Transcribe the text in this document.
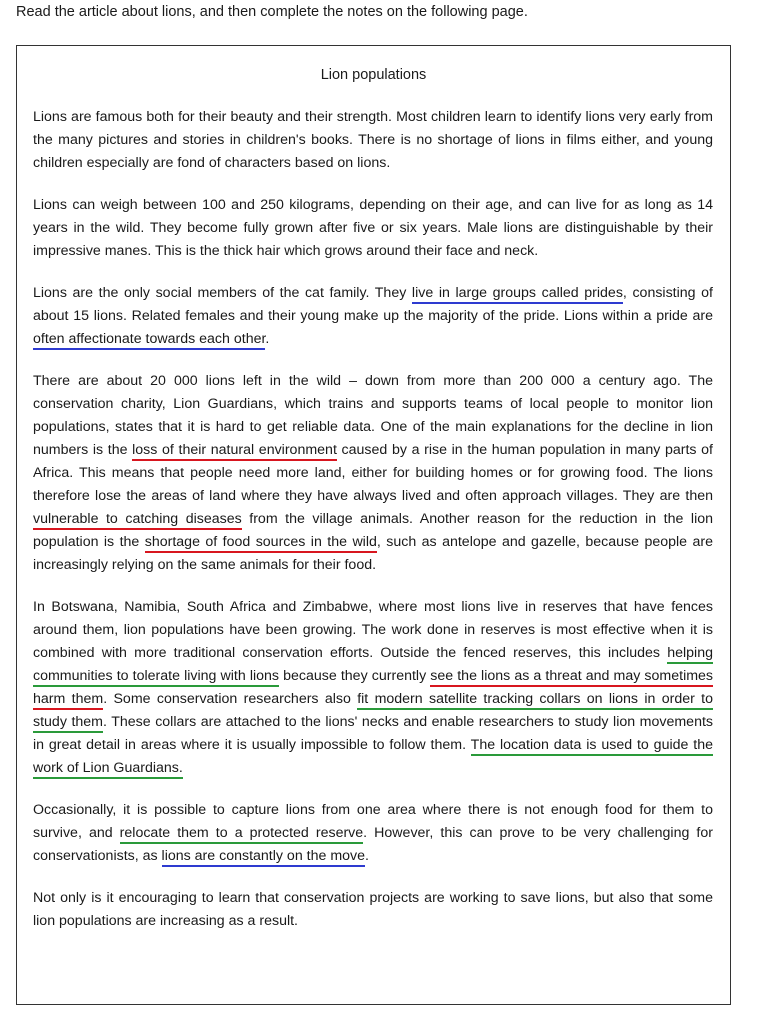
Read the article about lions, and then complete the notes on the following page.
Lion populations

Lions are famous both for their beauty and their strength. Most children learn to identify lions very early from the many pictures and stories in children's books. There is no shortage of lions in films either, and young children especially are fond of characters based on lions.

Lions can weigh between 100 and 250 kilograms, depending on their age, and can live for as long as 14 years in the wild. They become fully grown after five or six years. Male lions are distinguishable by their impressive manes. This is the thick hair which grows around their face and neck.

Lions are the only social members of the cat family. They live in large groups called prides, consisting of about 15 lions. Related females and their young make up the majority of the pride. Lions within a pride are often affectionate towards each other.

There are about 20 000 lions left in the wild – down from more than 200 000 a century ago. The conservation charity, Lion Guardians, which trains and supports teams of local people to monitor lion populations, states that it is hard to get reliable data. One of the main explanations for the decline in lion numbers is the loss of their natural environment caused by a rise in the human population in many parts of Africa. This means that people need more land, either for building homes or for growing food. The lions therefore lose the areas of land where they have always lived and often approach villages. They are then vulnerable to catching diseases from the village animals. Another reason for the reduction in the lion population is the shortage of food sources in the wild, such as antelope and gazelle, because people are increasingly relying on the same animals for their food.

In Botswana, Namibia, South Africa and Zimbabwe, where most lions live in reserves that have fences around them, lion populations have been growing. The work done in reserves is most effective when it is combined with more traditional conservation efforts. Outside the fenced reserves, this includes helping communities to tolerate living with lions because they currently see the lions as a threat and may sometimes harm them. Some conservation researchers also fit modern satellite tracking collars on lions in order to study them. These collars are attached to the lions' necks and enable researchers to study lion movements in great detail in areas where it is usually impossible to follow them. The location data is used to guide the work of Lion Guardians.

Occasionally, it is possible to capture lions from one area where there is not enough food for them to survive, and relocate them to a protected reserve. However, this can prove to be very challenging for conservationists, as lions are constantly on the move.

Not only is it encouraging to learn that conservation projects are working to save lions, but also that some lion populations are increasing as a result.
